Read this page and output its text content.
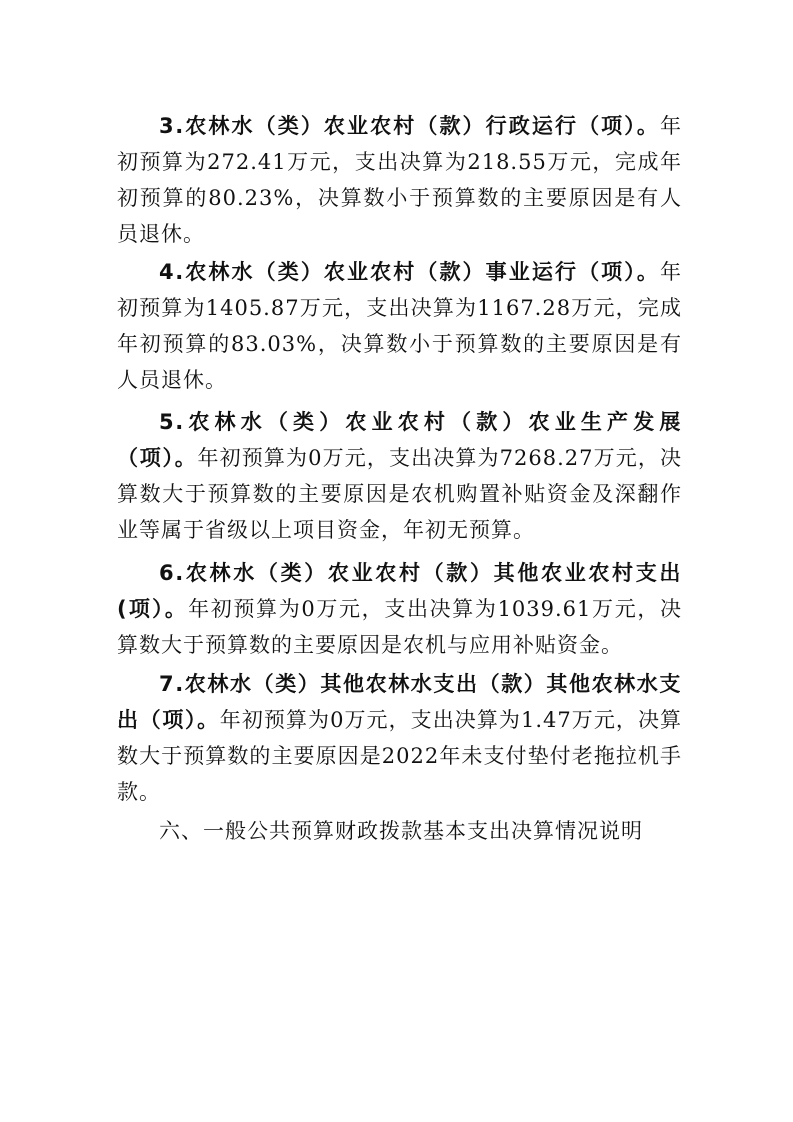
3.农林水（类）农业农村（款）行政运行（项）。年初预算为272.41万元，支出决算为218.55万元，完成年初预算的80.23%，决算数小于预算数的主要原因是有人员退休。

4.农林水（类）农业农村（款）事业运行（项）。年初预算为1405.87万元，支出决算为1167.28万元，完成年初预算的83.03%，决算数小于预算数的主要原因是有人员退休。

5.农林水（类）农业农村（款）农业生产发展（项）。年初预算为0万元，支出决算为7268.27万元，决算数大于预算数的主要原因是农机购置补贴资金及深翻作业等属于省级以上项目资金，年初无预算。

6.农林水（类）农业农村（款）其他农业农村支出(项）。年初预算为0万元，支出决算为1039.61万元，决算数大于预算数的主要原因是农机与应用补贴资金。

7.农林水（类）其他农林水支出（款）其他农林水支出（项）。年初预算为0万元，支出决算为1.47万元，决算数大于预算数的主要原因是2022年未支付垫付老拖拉机手款。

六、一般公共预算财政拨款基本支出决算情况说明
